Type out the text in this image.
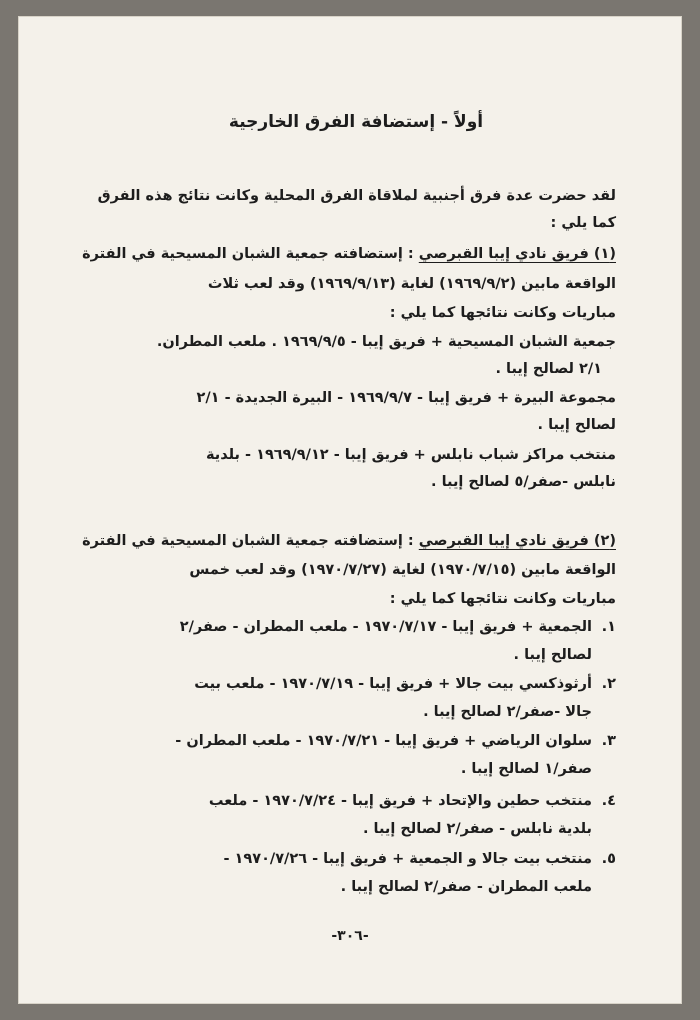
أولاً - إستضافة الفرق الخارجية
لقد حضرت عدة فرق أجنبية لملاقاة الفرق المحلية وكانت نتائج هذه الفرق
كما يلي :
(١) فريق نادي إيبا القبرصي : إستضافته جمعية الشبان المسيحية في الفترة
الواقعة مابين (١٩٦٩/٩/٢) لغاية (١٩٦٩/٩/١٣) وقد لعب ثلاث
مباريات وكانت نتائجها كما يلي :
جمعية الشبان المسيحية + فريق إيبا - ١٩٦٩/٩/٥ . ملعب المطران.
٢/١ لصالح إيبا .
مجموعة البيرة + فريق إيبا - ١٩٦٩/٩/٧ - البيرة الجديدة - ٢/١
لصالح إيبا .
منتخب مراكز شباب نابلس + فريق إيبا - ١٩٦٩/٩/١٢ - بلدية
نابلس -صفر/٥ لصالح إيبا .
(٢) فريق نادي إيبا القبرصي : إستضافته جمعية الشبان المسيحية في الفترة
الواقعة مابين (١٩٧٠/٧/١٥) لغاية (١٩٧٠/٧/٢٧) وقد لعب خمس
مباريات وكانت نتائجها كما يلي :
١.الجمعية + فريق إيبا - ١٩٧٠/٧/١٧ - ملعب المطران - صفر/٢
لصالح إيبا .
٢.أرثوذكسي بيت جالا + فريق إيبا - ١٩٧٠/٧/١٩ - ملعب بيت
جالا -صفر/٢ لصالح إيبا .
٣.سلوان الرياضي + فريق إيبا - ١٩٧٠/٧/٢١ - ملعب المطران -
صفر/١ لصالح إيبا .
٤.منتخب حطين والإتحاد + فريق إيبا - ١٩٧٠/٧/٢٤ - ملعب
بلدية نابلس - صفر/٢ لصالح إيبا .
٥.منتخب بيت جالا و الجمعية + فريق إيبا - ١٩٧٠/٧/٢٦ -
ملعب المطران - صفر/٢ لصالح إيبا .
-٣٠٦-
